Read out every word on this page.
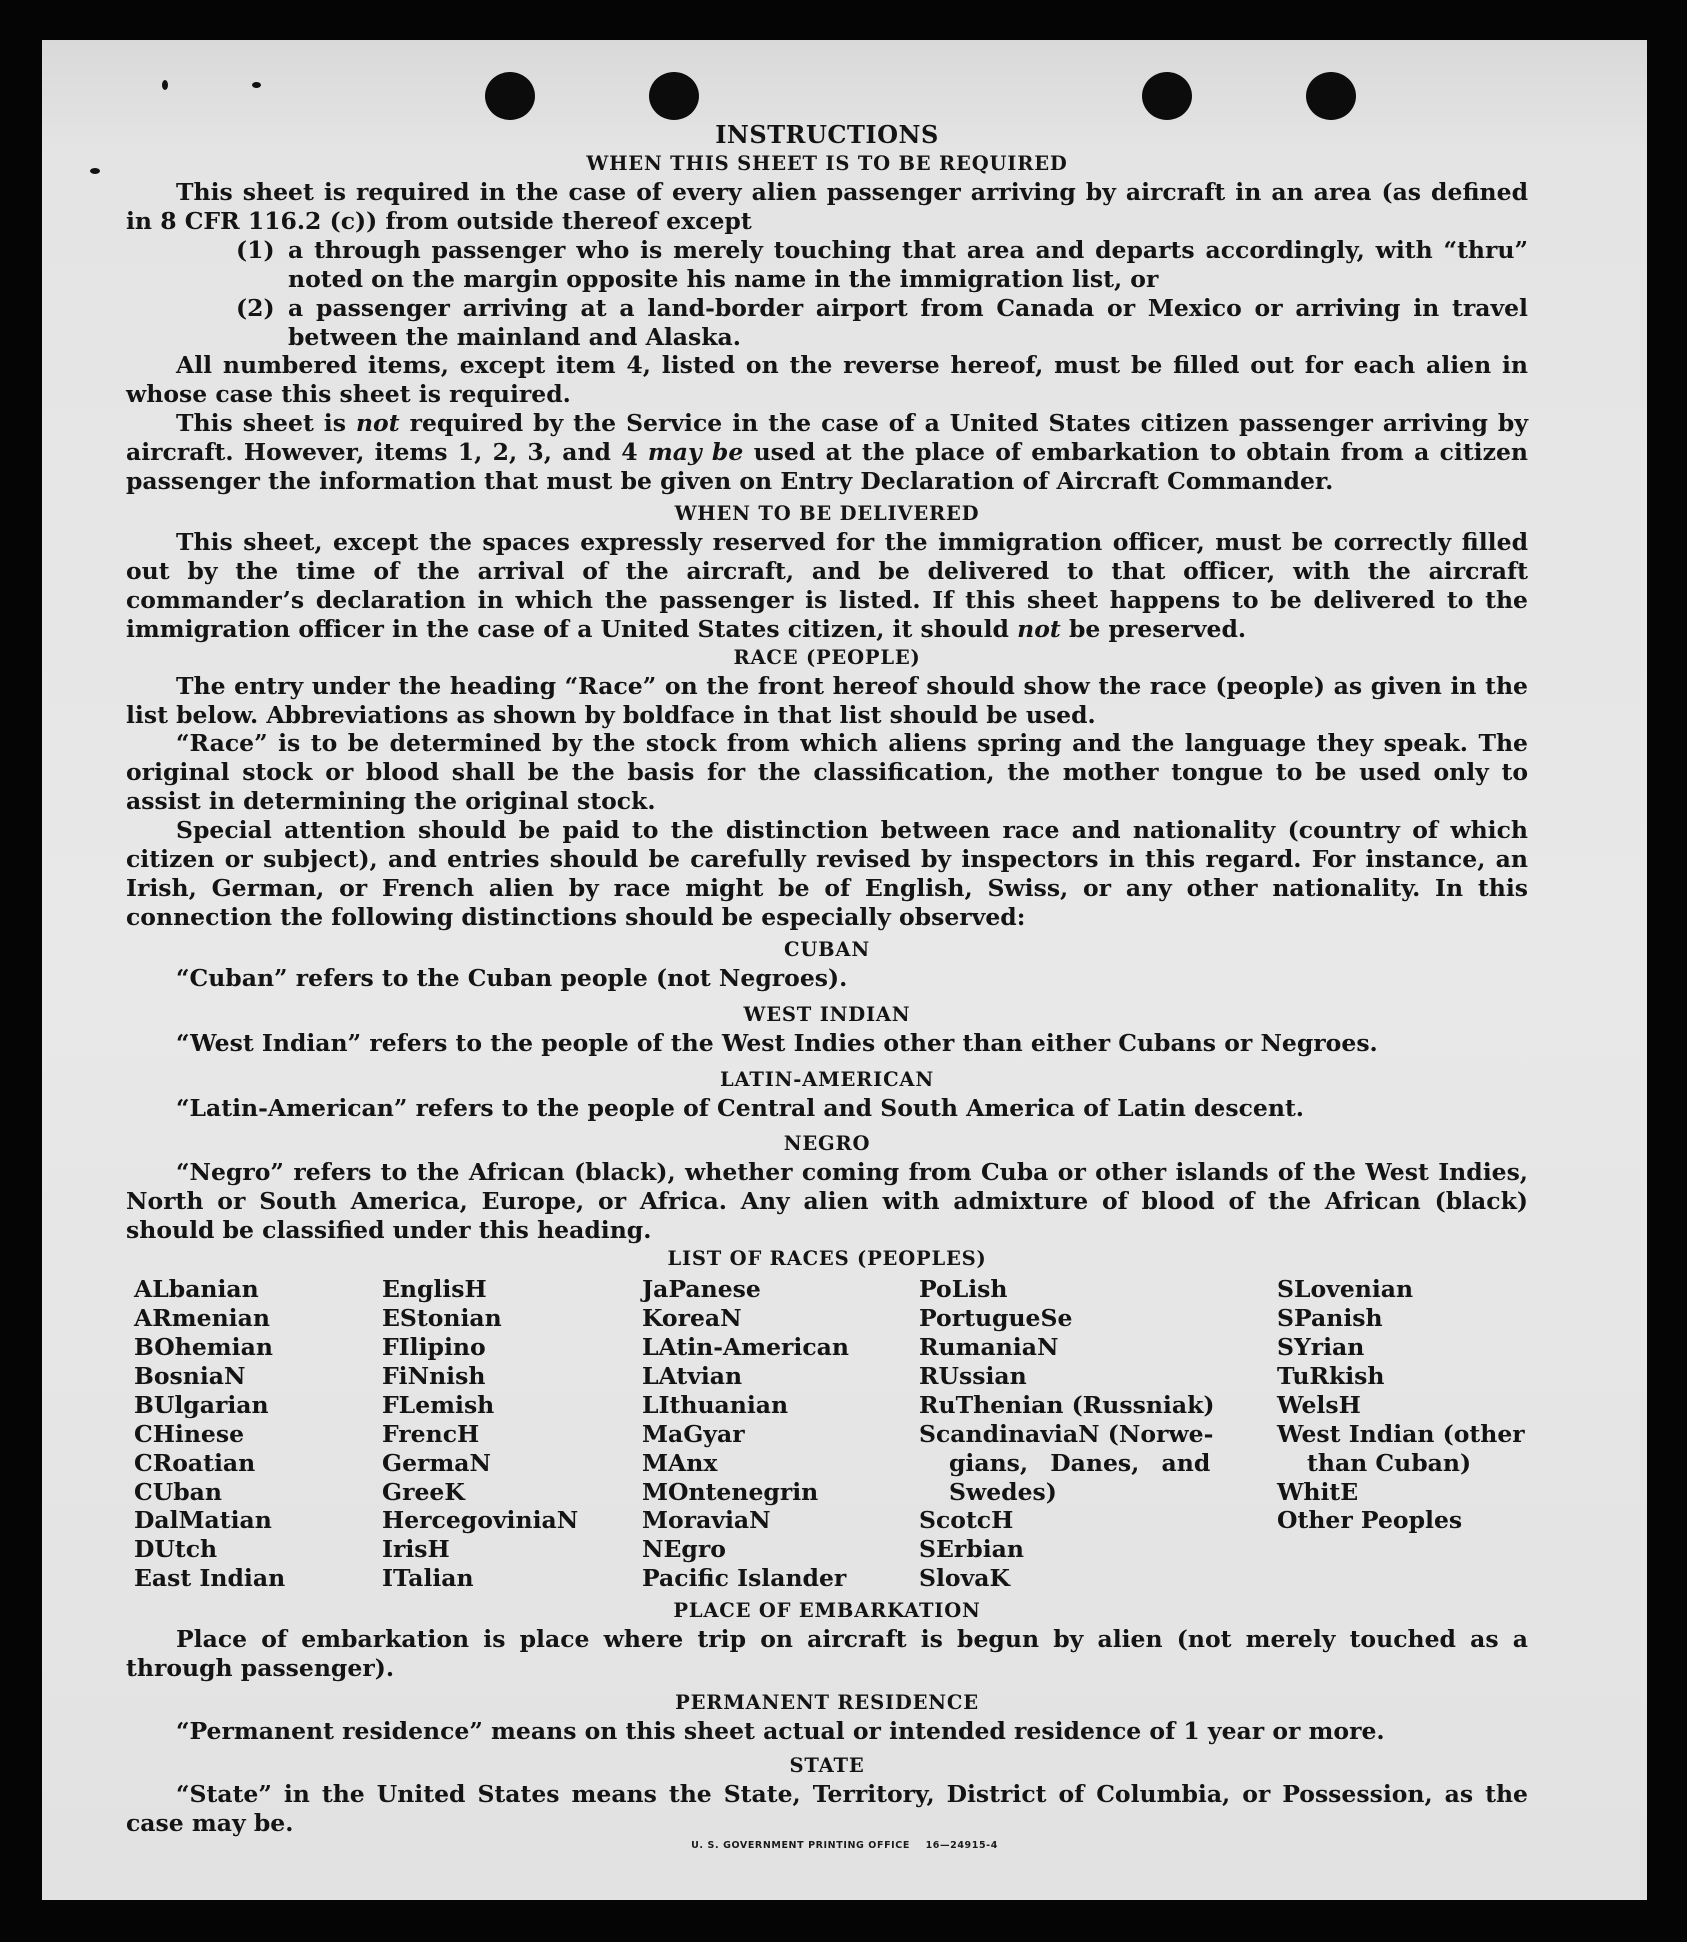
INSTRUCTIONS
WHEN THIS SHEET IS TO BE REQUIRED

This sheet is required in the case of every alien passenger arriving by aircraft in an area (as defined in 8 CFR 116.2 (c)) from outside thereof except

(1) a through passenger who is merely touching that area and departs accordingly, with “thru” noted on the margin opposite his name in the immigration list, or
(2) a passenger arriving at a land-border airport from Canada or Mexico or arriving in travel between the mainland and Alaska.

All numbered items, except item 4, listed on the reverse hereof, must be filled out for each alien in whose case this sheet is required.

This sheet is not required by the Service in the case of a United States citizen passenger arriving by aircraft. However, items 1, 2, 3, and 4 may be used at the place of embarkation to obtain from a citizen passenger the information that must be given on Entry Declaration of Aircraft Commander.

WHEN TO BE DELIVERED

This sheet, except the spaces expressly reserved for the immigration officer, must be correctly filled out by the time of the arrival of the aircraft, and be delivered to that officer, with the aircraft commander’s declaration in which the passenger is listed. If this sheet happens to be delivered to the immigration officer in the case of a United States citizen, it should not be preserved.

RACE (PEOPLE)

The entry under the heading “Race” on the front hereof should show the race (people) as given in the list below. Abbreviations as shown by boldface in that list should be used.

“Race” is to be determined by the stock from which aliens spring and the language they speak. The original stock or blood shall be the basis for the classification, the mother tongue to be used only to assist in determining the original stock.

Special attention should be paid to the distinction between race and nationality (country of which citizen or subject), and entries should be carefully revised by inspectors in this regard. For instance, an Irish, German, or French alien by race might be of English, Swiss, or any other nationality. In this connection the following distinctions should be especially observed:

CUBAN

“Cuban” refers to the Cuban people (not Negroes).

WEST INDIAN

“West Indian” refers to the people of the West Indies other than either Cubans or Negroes.

LATIN-AMERICAN

“Latin-American” refers to the people of Central and South America of Latin descent.

NEGRO

“Negro” refers to the African (black), whether coming from Cuba or other islands of the West Indies, North or South America, Europe, or Africa. Any alien with admixture of blood of the African (black) should be classified under this heading.

LIST OF RACES (PEOPLES)
ALbanian
ARmenian
BOhemian
BosniaN
BUlgarian
CHinese
CRoatian
CUban
DalMatian
DUtch
East Indian
EnglisH
EStonian
FIlipino
FiNnish
FLemish
FrencH
GermaN
GreeK
HercegoviniaN
IrisH
ITalian
JaPanese
KoreaN
LAtin-American
LAtvian
LIthuanian
MaGyar
MAnx
MOntenegrin
MoraviaN
NEgro
Pacific Islander
PoLish
PortugueSe
RumaniaN
RUssian
RuThenian (Russniak)
ScandinaviaN (Norwe-
gians, Danes, and
Swedes)
ScotcH
SErbian
SlovaK
SLovenian
SPanish
SYrian
TuRkish
WelsH
West Indian (other
than Cuban)
WhitE
Other Peoples
PLACE OF EMBARKATION

Place of embarkation is place where trip on aircraft is begun by alien (not merely touched as a through passenger).

PERMANENT RESIDENCE

“Permanent residence” means on this sheet actual or intended residence of 1 year or more.

STATE

“State” in the United States means the State, Territory, District of Columbia, or Possession, as the case may be.

U. S. GOVERNMENT PRINTING OFFICE    16—24915-4
